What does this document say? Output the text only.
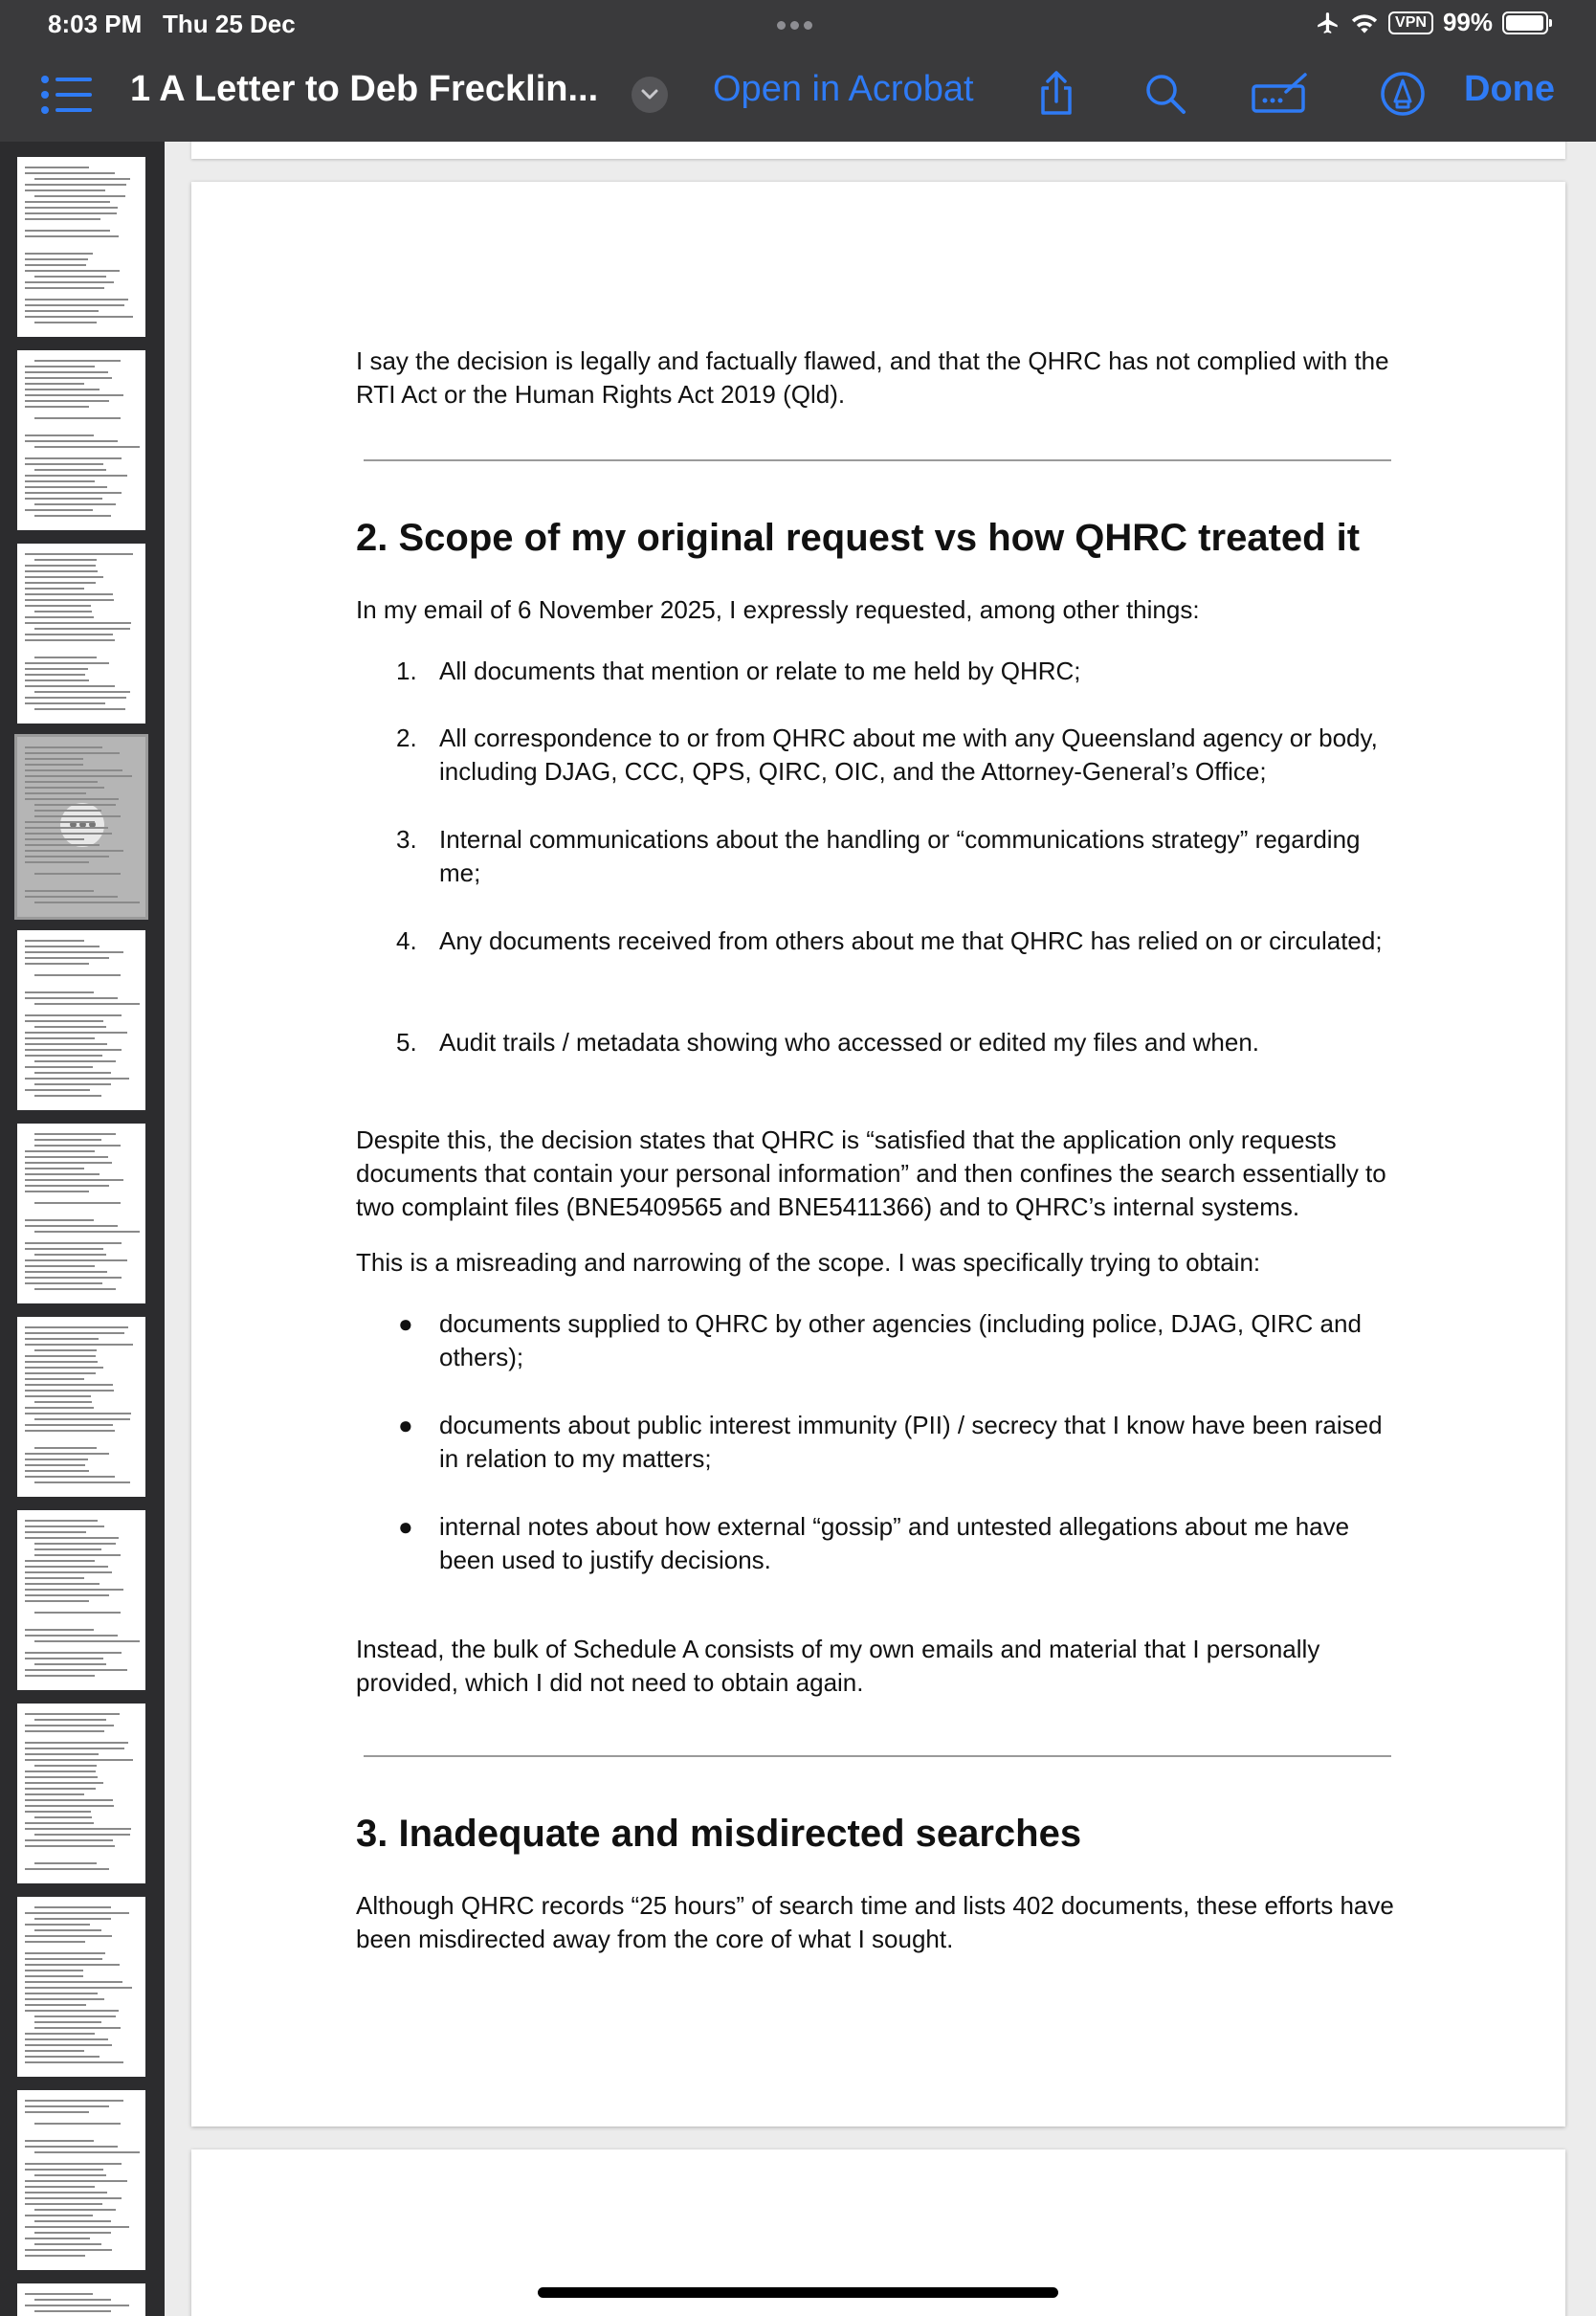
8:03 PM Thu 25 Dec	VPN 99%
1 A Letter to Deb Frecklin...	Open in Acrobat	Done
I say the decision is legally and factually flawed, and that the QHRC has not complied with the RTI Act or the Human Rights Act 2019 (Qld).
2. Scope of my original request vs how QHRC treated it
In my email of 6 November 2025, I expressly requested, among other things:
1. All documents that mention or relate to me held by QHRC;
2. All correspondence to or from QHRC about me with any Queensland agency or body, including DJAG, CCC, QPS, QIRC, OIC, and the Attorney-General’s Office;
3. Internal communications about the handling or “communications strategy” regarding me;
4. Any documents received from others about me that QHRC has relied on or circulated;
5. Audit trails / metadata showing who accessed or edited my files and when.
Despite this, the decision states that QHRC is “satisfied that the application only requests documents that contain your personal information” and then confines the search essentially to two complaint files (BNE5409565 and BNE5411366) and to QHRC’s internal systems.
This is a misreading and narrowing of the scope. I was specifically trying to obtain:
● documents supplied to QHRC by other agencies (including police, DJAG, QIRC and others);
● documents about public interest immunity (PII) / secrecy that I know have been raised in relation to my matters;
● internal notes about how external “gossip” and untested allegations about me have been used to justify decisions.
Instead, the bulk of Schedule A consists of my own emails and material that I personally provided, which I did not need to obtain again.
3. Inadequate and misdirected searches
Although QHRC records “25 hours” of search time and lists 402 documents, these efforts have been misdirected away from the core of what I sought.
